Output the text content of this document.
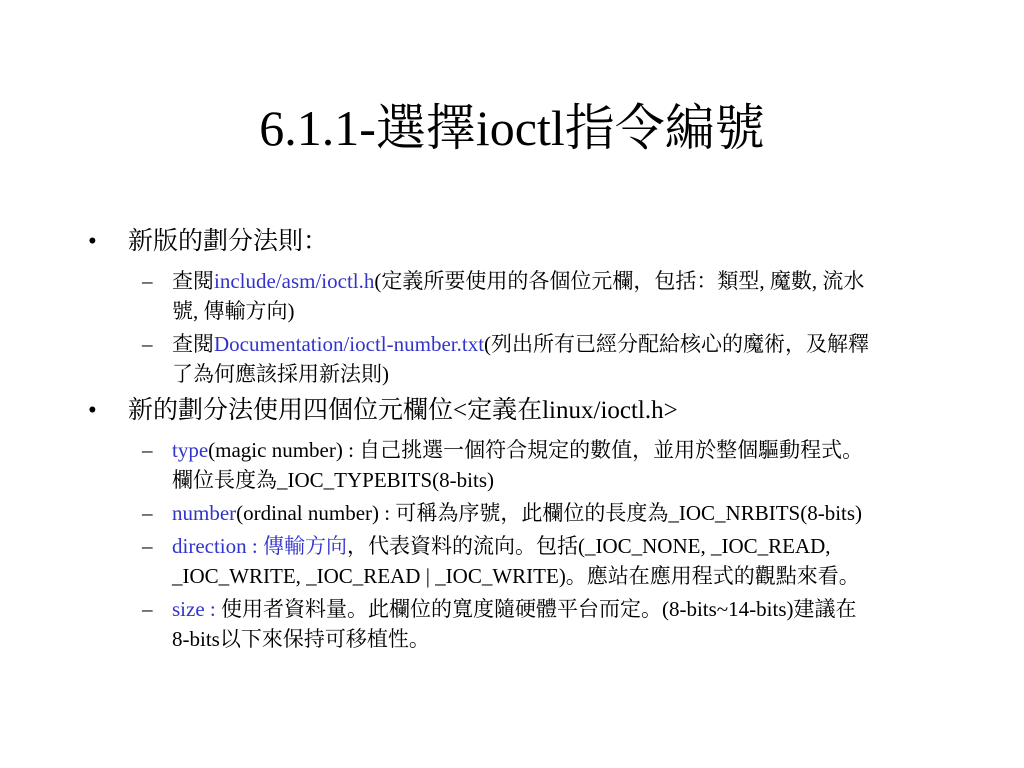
6.1.1-選擇ioctl指令編號
• 新版的劃分法則：
– 查閱include/asm/ioctl.h(定義所要使用的各個位元欄，包括：類型, 魔數, 流水號, 傳輸方向)
– 查閱Documentation/ioctl-number.txt(列出所有已經分配給核心的魔術，及解釋了為何應該採用新法則)
• 新的劃分法使用四個位元欄位<定義在linux/ioctl.h>
– type(magic number) : 自己挑選一個符合規定的數值，並用於整個驅動程式。欄位長度為_IOC_TYPEBITS(8-bits)
– number(ordinal number) : 可稱為序號，此欄位的長度為_IOC_NRBITS(8-bits)
– direction : 傳輸方向，代表資料的流向。包括(_IOC_NONE, _IOC_READ, _IOC_WRITE, _IOC_READ | _IOC_WRITE)。應站在應用程式的觀點來看。
– size : 使用者資料量。此欄位的寬度隨硬體平台而定。(8-bits~14-bits)建議在8-bits以下來保持可移植性。
